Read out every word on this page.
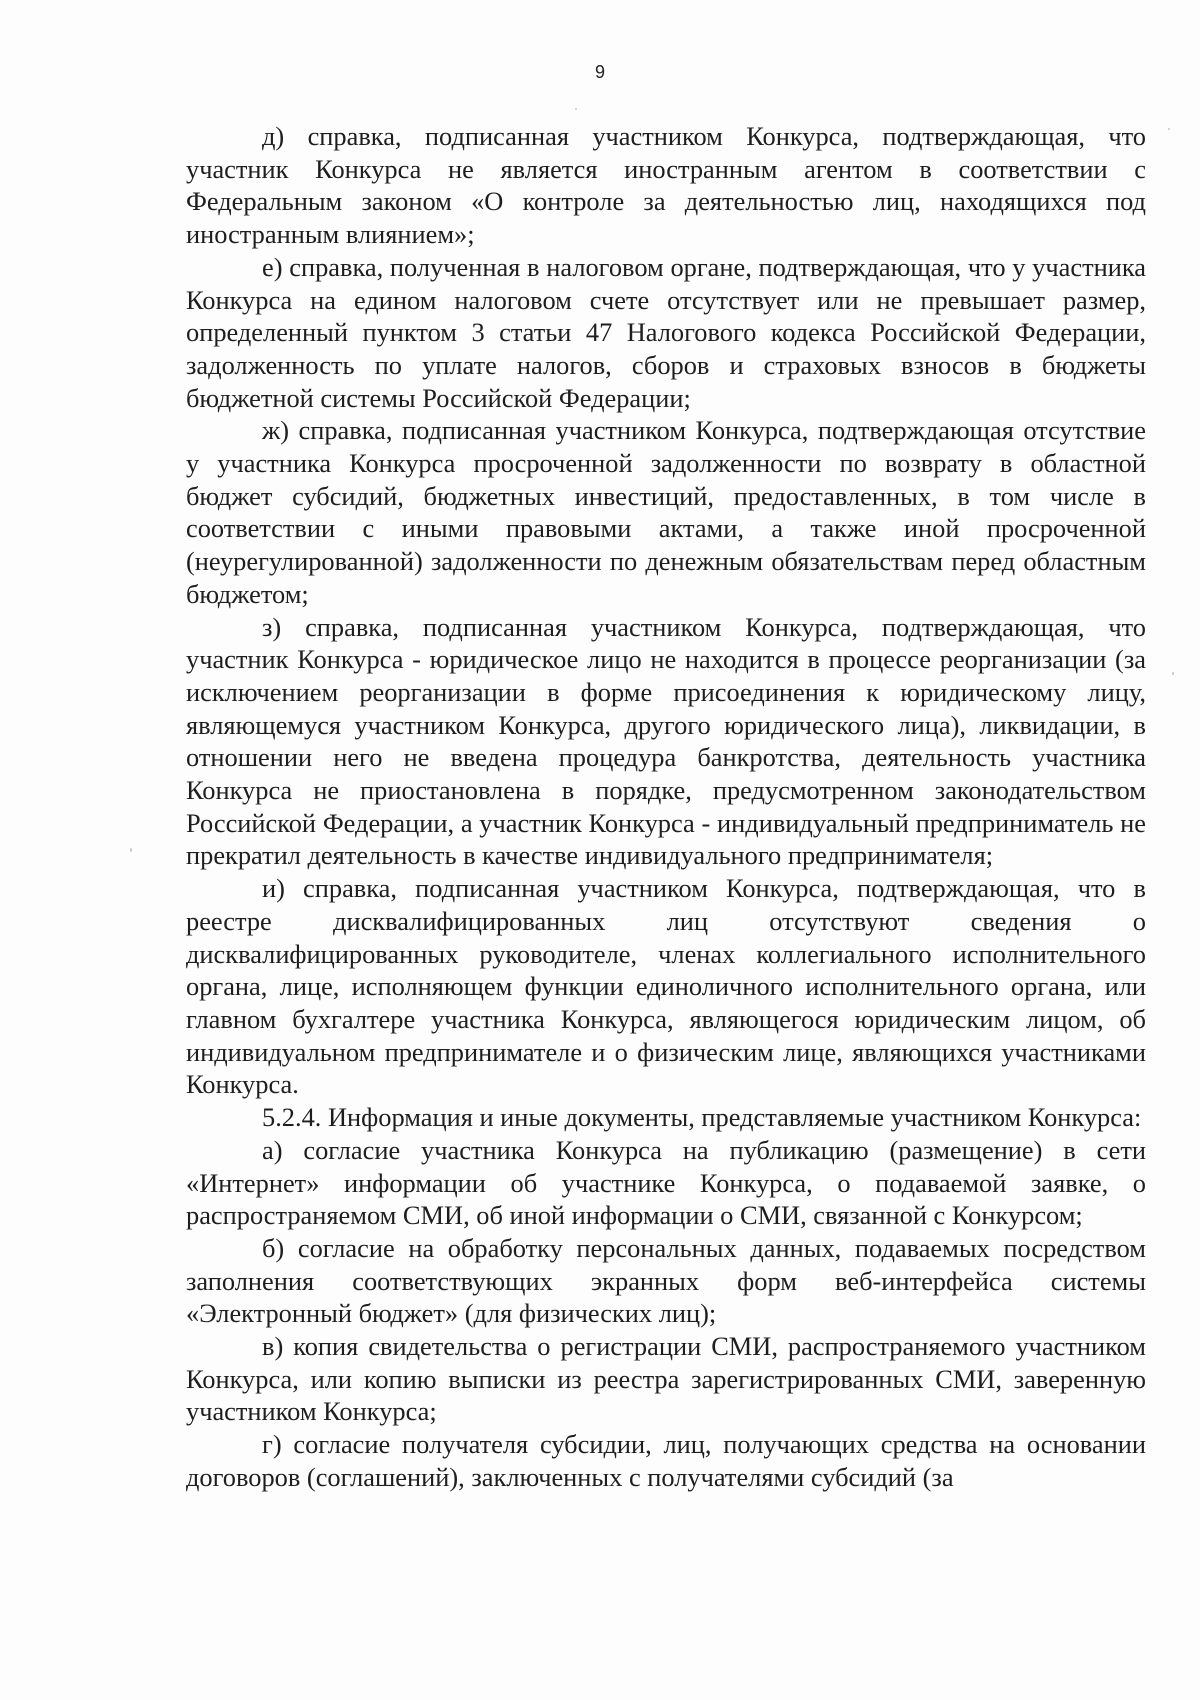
9

д) справка, подписанная участником Конкурса, подтверждающая, что участник Конкурса не является иностранным агентом в соответствии с Федеральным законом «О контроле за деятельностью лиц, находящихся под иностранным влиянием»;

е) справка, полученная в налоговом органе, подтверждающая, что у участника Конкурса на едином налоговом счете отсутствует или не превышает размер, определенный пунктом 3 статьи 47 Налогового кодекса Российской Федерации, задолженность по уплате налогов, сборов и страховых взносов в бюджеты бюджетной системы Российской Федерации;

ж) справка, подписанная участником Конкурса, подтверждающая отсутствие у участника Конкурса просроченной задолженности по возврату в областной бюджет субсидий, бюджетных инвестиций, предоставленных, в том числе в соответствии с иными правовыми актами, а также иной просроченной (неурегулированной) задолженности по денежным обязательствам перед областным бюджетом;

з) справка, подписанная участником Конкурса, подтверждающая, что участник Конкурса - юридическое лицо не находится в процессе реорганизации (за исключением реорганизации в форме присоединения к юридическому лицу, являющемуся участником Конкурса, другого юридического лица), ликвидации, в отношении него не введена процедура банкротства, деятельность участника Конкурса не приостановлена в порядке, предусмотренном законодательством Российской Федерации, а участник Конкурса - индивидуальный предприниматель не прекратил деятельность в качестве индивидуального предпринимателя;

и) справка, подписанная участником Конкурса, подтверждающая, что в реестре дисквалифицированных лиц отсутствуют сведения о дисквалифицированных руководителе, членах коллегиального исполнительного органа, лице, исполняющем функции единоличного исполнительного органа, или главном бухгалтере участника Конкурса, являющегося юридическим лицом, об индивидуальном предпринимателе и о физическим лице, являющихся участниками Конкурса.

5.2.4. Информация и иные документы, представляемые участником Конкурса:

а) согласие участника Конкурса на публикацию (размещение) в сети «Интернет» информации об участнике Конкурса, о подаваемой заявке, о распространяемом СМИ, об иной информации о СМИ, связанной с Конкурсом;

б) согласие на обработку персональных данных, подаваемых посредством заполнения соответствующих экранных форм веб-интерфейса системы «Электронный бюджет» (для физических лиц);

в) копия свидетельства о регистрации СМИ, распространяемого участником Конкурса, или копию выписки из реестра зарегистрированных СМИ, заверенную участником Конкурса;

г) согласие получателя субсидии, лиц, получающих средства на основании договоров (соглашений), заключенных с получателями субсидий (за
